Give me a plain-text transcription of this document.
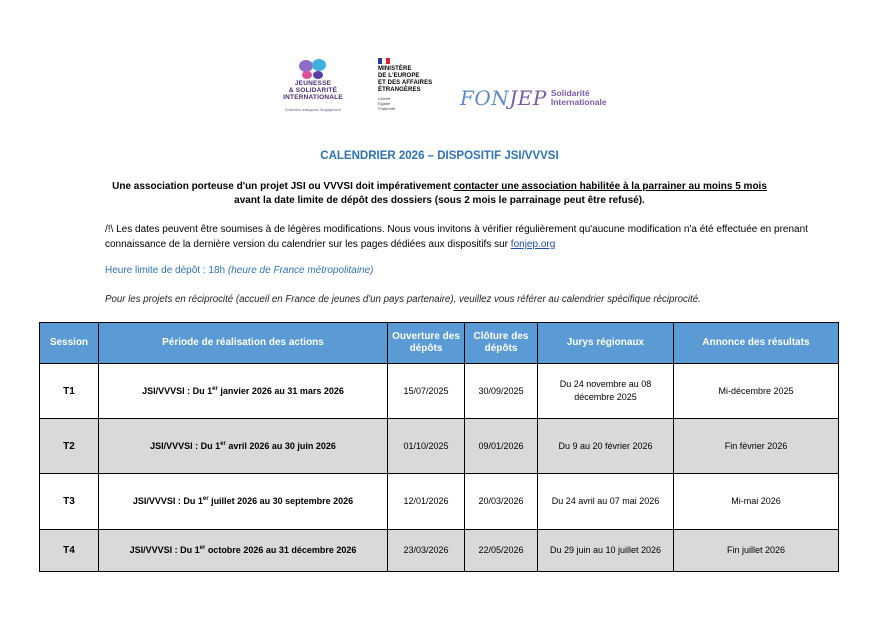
JEUNESSE
& SOLIDARITÉ
INTERNATIONALE
Ensemble changeons l'engagement
MINISTÈRE
DE L'EUROPE
ET DES AFFAIRES
ÉTRANGÈRES
Liberté
Égalité
Fraternité	FONJEP Solidarité
Internationale
CALENDRIER 2026 – DISPOSITIF JSI/VVVSI
Une association porteuse d'un projet JSI ou VVVSI doit impérativement contacter une association habilitée à la parrainer au moins 5 mois
avant la date limite de dépôt des dossiers (sous 2 mois le parrainage peut être refusé).
/!\ Les dates peuvent être soumises à de légères modifications. Nous vous invitons à vérifier régulièrement qu'aucune modification n'a été effectuée en prenant connaissance de la dernière version du calendrier sur les pages dédiées aux dispositifs sur fonjep.org
Heure limite de dépôt : 18h (heure de France métropolitaine)
Pour les projets en réciprocité (accueil en France de jeunes d'un pays partenaire), veuillez vous référer au calendrier spécifique réciprocité.
Session	Période de réalisation des actions	Ouverture des dépôts	Clôture des dépôts	Jurys régionaux	Annonce des résultats
T1	JSI/VVVSI : Du 1er janvier 2026 au 31 mars 2026	15/07/2025	30/09/2025	Du 24 novembre au 08 décembre 2025	Mi-décembre 2025
T2	JSI/VVVSI : Du 1er avril 2026 au 30 juin 2026	01/10/2025	09/01/2026	Du 9 au 20 février 2026	Fin février 2026
T3	JSI/VVVSI : Du 1er juillet 2026 au 30 septembre 2026	12/01/2026	20/03/2026	Du 24 avril au 07 mai 2026	Mi-mai 2026
T4	JSI/VVVSI : Du 1er octobre 2026 au 31 décembre 2026	23/03/2026	22/05/2026	Du 29 juin au 10 juillet 2026	Fin juillet 2026
